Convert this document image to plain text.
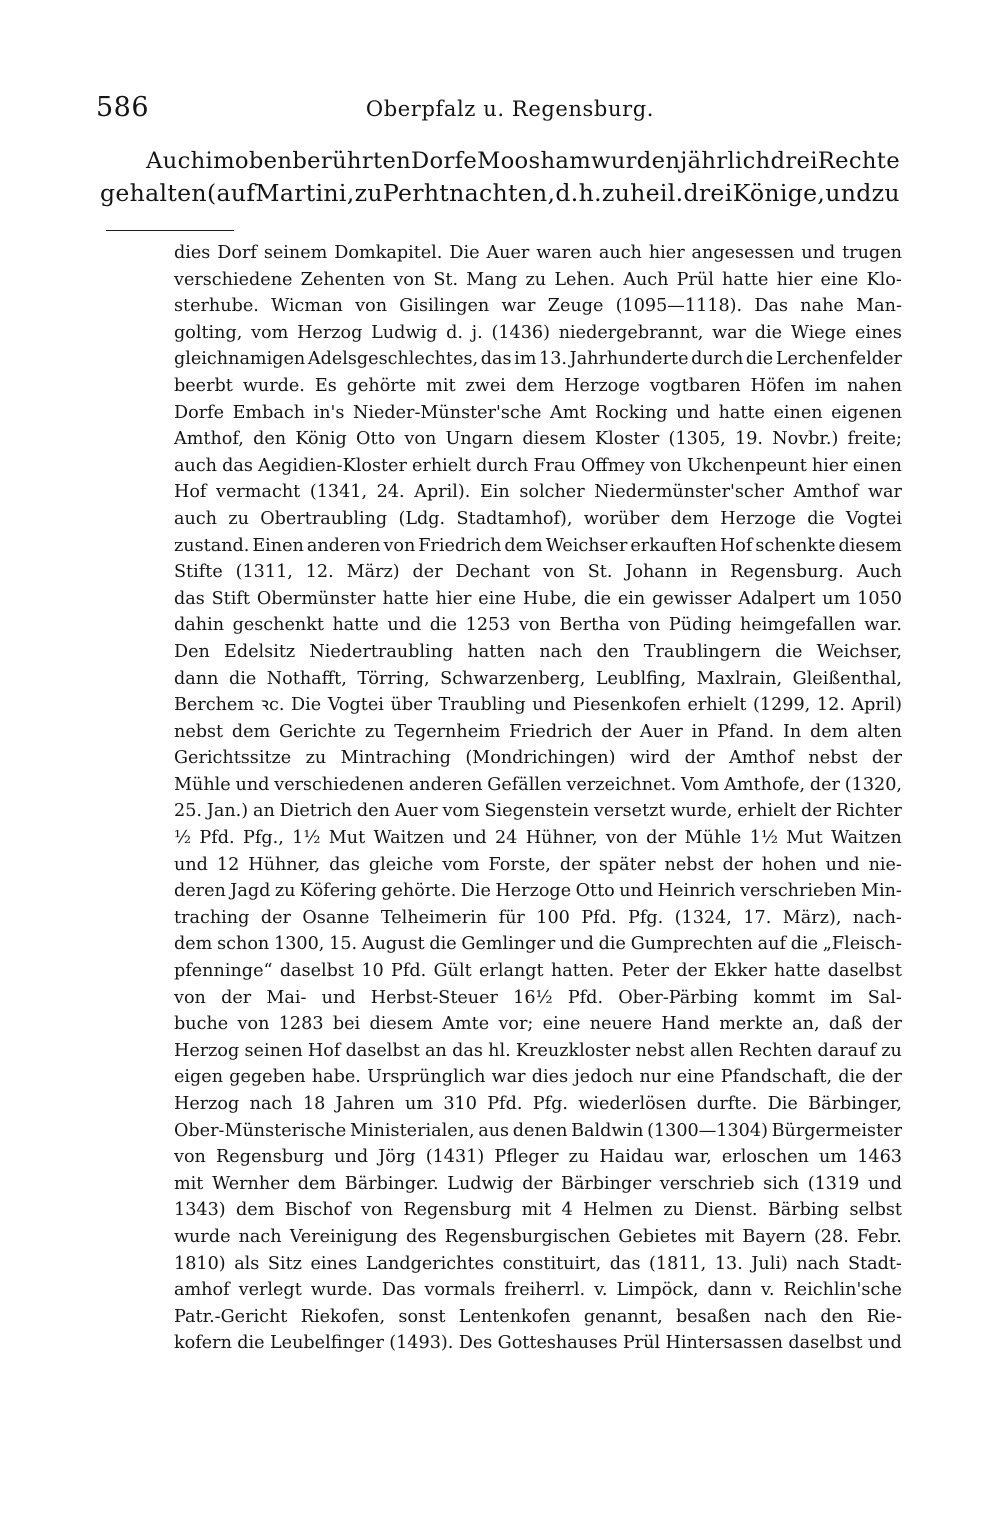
586	Oberpfalz u. Regensburg.
Auch im oben berührten Dorfe Moosham wurden jährlich drei Rechte
gehalten (auf Martini, zu Perhtnachten, d. h. zu heil. drei Könige, und zu
dies Dorf seinem Domkapitel. Die Auer waren auch hier angesessen und trugen
verschiedene Zehenten von St. Mang zu Lehen. Auch Prül hatte hier eine Klo-
sterhube. Wicman von Gisilingen war Zeuge (1095—1118). Das nahe Man-
golting, vom Herzog Ludwig d. j. (1436) niedergebrannt, war die Wiege eines
gleichnamigen Adelsgeschlechtes, das im 13. Jahrhunderte durch die Lerchenfelder
beerbt wurde. Es gehörte mit zwei dem Herzoge vogtbaren Höfen im nahen
Dorfe Embach in's Nieder-Münster'sche Amt Rocking und hatte einen eigenen
Amthof, den König Otto von Ungarn diesem Kloster (1305, 19. Novbr.) freite;
auch das Aegidien-Kloster erhielt durch Frau Offmey von Ukchenpeunt hier einen
Hof vermacht (1341, 24. April). Ein solcher Niedermünster'scher Amthof war
auch zu Obertraubling (Ldg. Stadtamhof), worüber dem Herzoge die Vogtei
zustand. Einen anderen von Friedrich dem Weichser erkauften Hof schenkte diesem
Stifte (1311, 12. März) der Dechant von St. Johann in Regensburg. Auch
das Stift Obermünster hatte hier eine Hube, die ein gewisser Adalpert um 1050
dahin geschenkt hatte und die 1253 von Bertha von Püding heimgefallen war.
Den Edelsitz Niedertraubling hatten nach den Traublingern die Weichser,
dann die Nothafft, Törring, Schwarzenberg, Leublfing, Maxlrain, Gleißenthal,
Berchem ꝛc. Die Vogtei über Traubling und Piesenkofen erhielt (1299, 12. April)
nebst dem Gerichte zu Tegernheim Friedrich der Auer in Pfand. In dem alten
Gerichtssitze zu Mintraching (Mondrichingen) wird der Amthof nebst der
Mühle und verschiedenen anderen Gefällen verzeichnet. Vom Amthofe, der (1320,
25. Jan.) an Dietrich den Auer vom Siegenstein versetzt wurde, erhielt der Richter
½ Pfd. Pfg., 1½ Mut Waitzen und 24 Hühner, von der Mühle 1½ Mut Waitzen
und 12 Hühner, das gleiche vom Forste, der später nebst der hohen und nie-
deren Jagd zu Köfering gehörte. Die Herzoge Otto und Heinrich verschrieben Min-
traching der Osanne Telheimerin für 100 Pfd. Pfg. (1324, 17. März), nach-
dem schon 1300, 15. August die Gemlinger und die Gumprechten auf die „Fleisch-
pfenninge“ daselbst 10 Pfd. Gült erlangt hatten. Peter der Ekker hatte daselbst
von der Mai- und Herbst-Steuer 16½ Pfd. Ober-Pärbing kommt im Sal-
buche von 1283 bei diesem Amte vor; eine neuere Hand merkte an, daß der
Herzog seinen Hof daselbst an das hl. Kreuzkloster nebst allen Rechten darauf zu
eigen gegeben habe. Ursprünglich war dies jedoch nur eine Pfandschaft, die der
Herzog nach 18 Jahren um 310 Pfd. Pfg. wiederlösen durfte. Die Bärbinger,
Ober-Münsterische Ministerialen, aus denen Baldwin (1300—1304) Bürgermeister
von Regensburg und Jörg (1431) Pfleger zu Haidau war, erloschen um 1463
mit Wernher dem Bärbinger. Ludwig der Bärbinger verschrieb sich (1319 und
1343) dem Bischof von Regensburg mit 4 Helmen zu Dienst. Bärbing selbst
wurde nach Vereinigung des Regensburgischen Gebietes mit Bayern (28. Febr.
1810) als Sitz eines Landgerichtes constituirt, das (1811, 13. Juli) nach Stadt-
amhof verlegt wurde. Das vormals freiherrl. v. Limpöck, dann v. Reichlin'sche
Patr.-Gericht Riekofen, sonst Lentenkofen genannt, besaßen nach den Rie-
kofern die Leubelfinger (1493). Des Gotteshauses Prül Hintersassen daselbst und
